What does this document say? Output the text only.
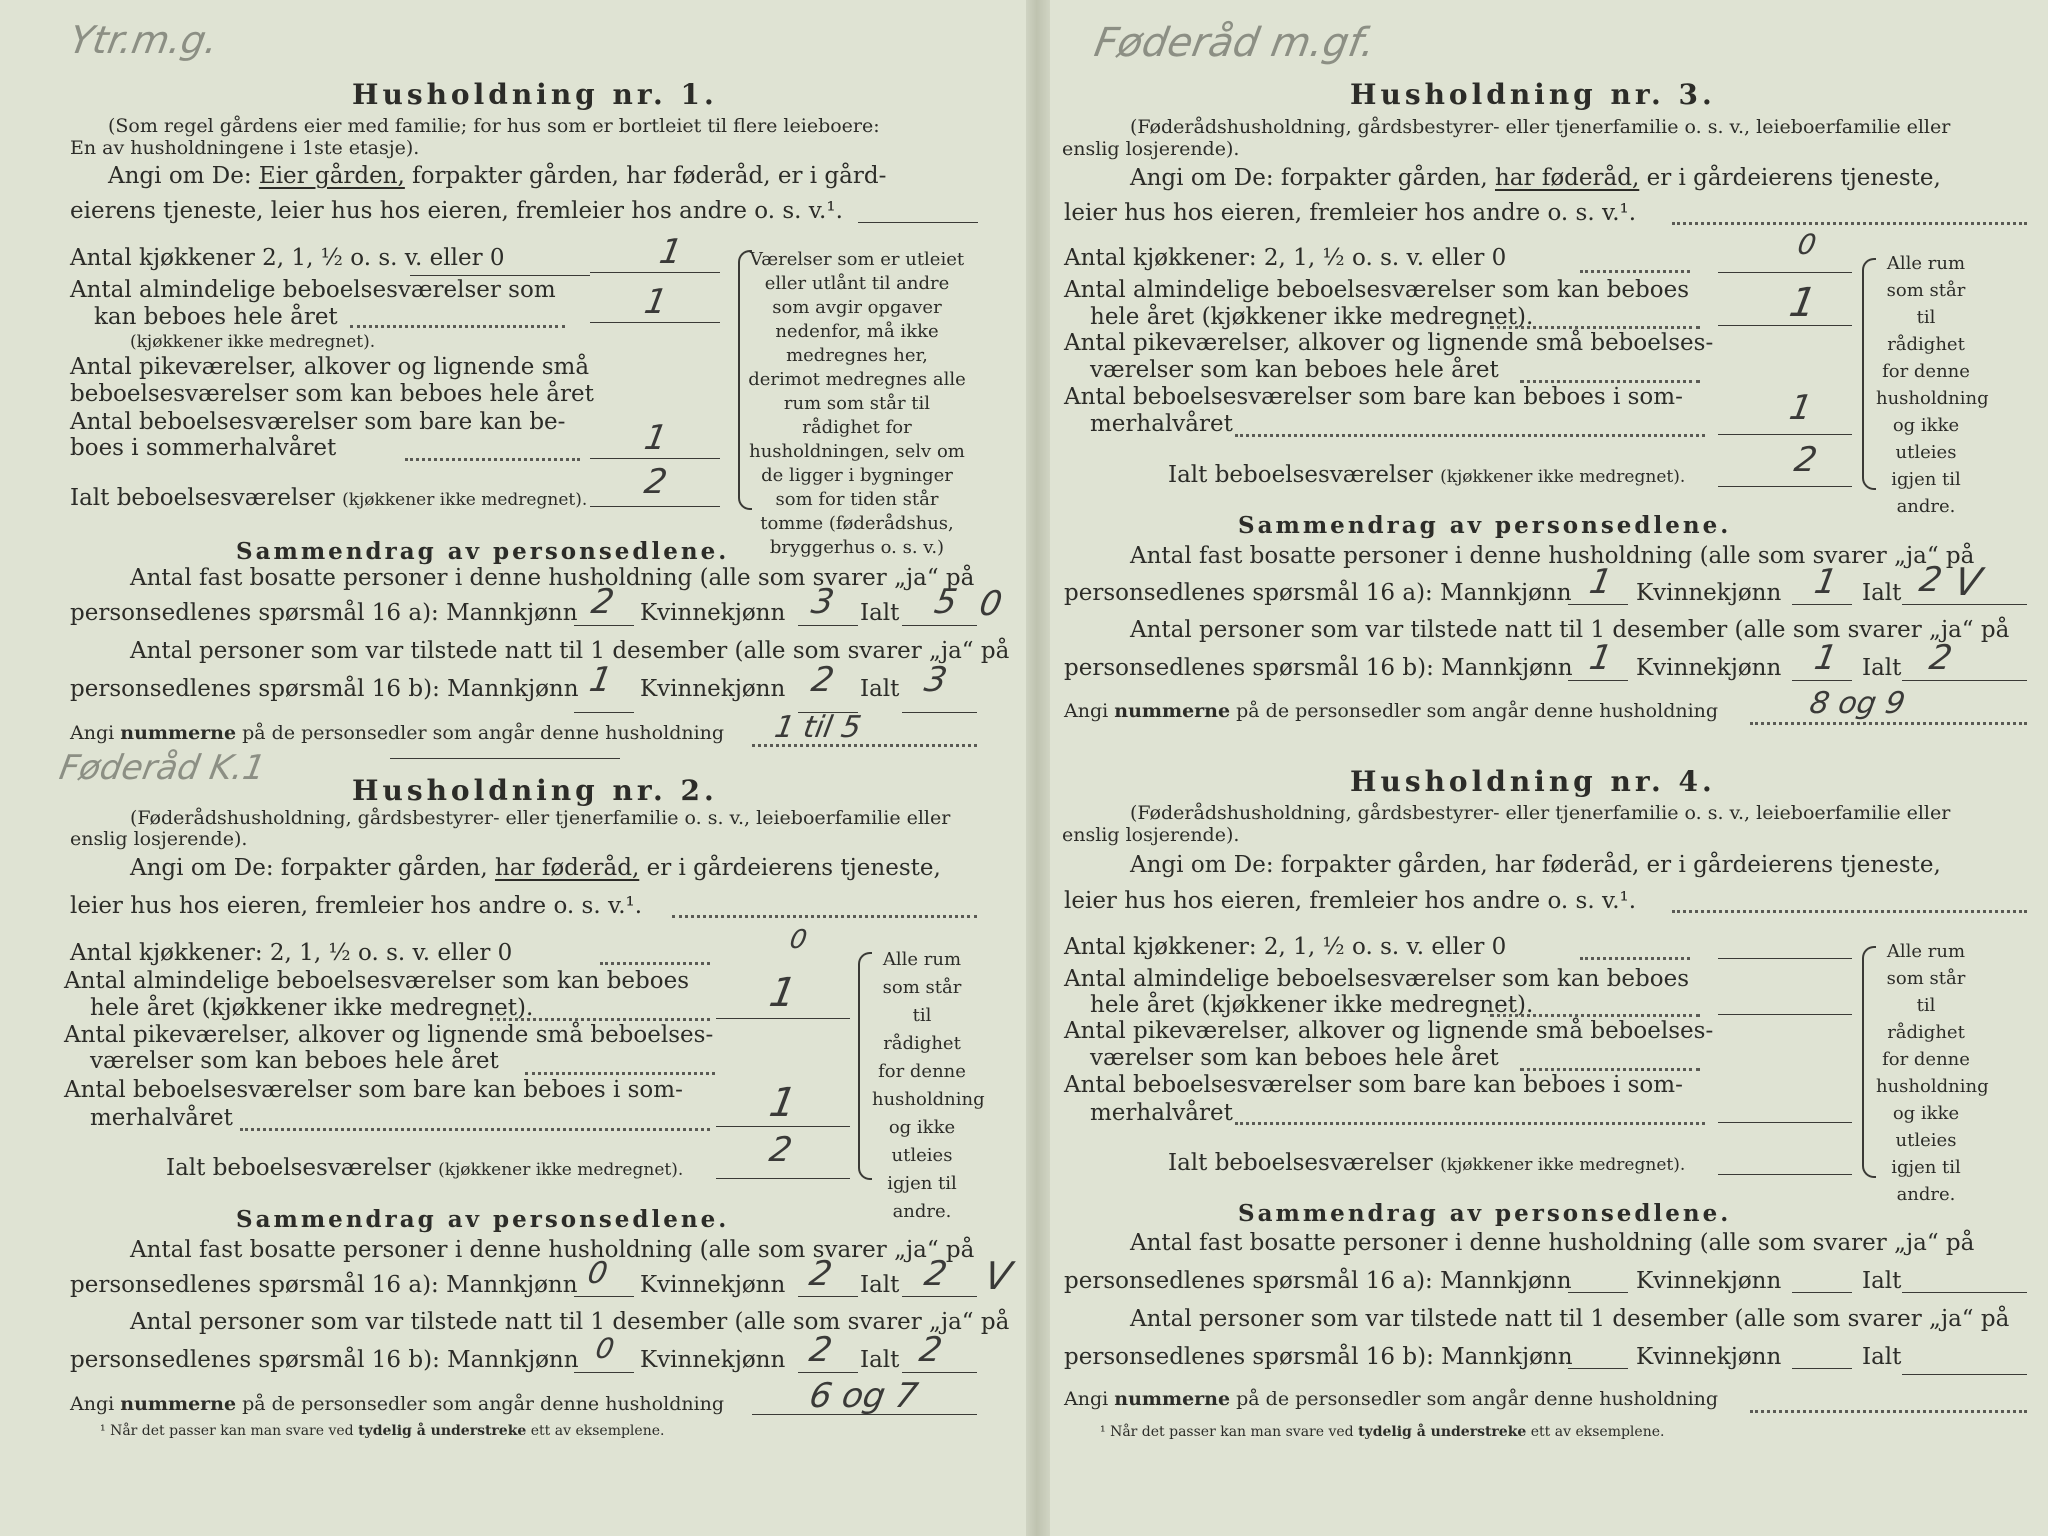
Ytr.m.g.
Husholdning nr. 1.
(Som regel gårdens eier med familie; for hus som er bortleiet til flere leieboere:
En av husholdningene i 1ste etasje).
Angi om De: Eier gården, forpakter gården, har føderåd, er i gård-
eierens tjeneste, leier hus hos eieren, fremleier hos andre o. s. v.¹.
Antal kjøkkener 2, 1, ½ o. s. v. eller 0	1
Antal almindelige beboelsesværelser som
kan beboes hele året
(kjøkkener ikke medregnet).
1
Antal pikeværelser, alkover og lignende små
beboelsesværelser som kan beboes hele året
Antal beboelsesværelser som bare kan be-
boes i sommerhalvåret	1
Ialt beboelsesværelser (kjøkkener ikke medregnet). 2
Værelser som er utleiet eller utlånt til andre som avgir opgaver nedenfor, må ikke medregnes her, derimot medregnes alle rum som står til rådighet for husholdningen, selv om de ligger i bygninger som for tiden står tomme (føderådshus, bryggerhus o. s. v.)
Sammendrag av personsedlene.
Antal fast bosatte personer i denne husholdning (alle som svarer „ja“ på
personsedlenes spørsmål 16 a): Mannkjønn 2 Kvinnekjønn 3 Ialt 5 0
Antal personer som var tilstede natt til 1 desember (alle som svarer „ja“ på
personsedlenes spørsmål 16 b): Mannkjønn 1 Kvinnekjønn 2 Ialt 3
Angi nummerne på de personsedler som angår denne husholdning 1 til 5
Føderåd K.1
Husholdning nr. 2.
(Føderådshusholdning, gårdsbestyrer- eller tjenerfamilie o. s. v., leieboerfamilie eller
enslig losjerende).
Angi om De: forpakter gården, har føderåd, er i gårdeierens tjeneste,
leier hus hos eieren, fremleier hos andre o. s. v.¹.
Antal kjøkkener: 2, 1, ½ o. s. v. eller 0	0
Antal almindelige beboelsesværelser som kan beboes
hele året (kjøkkener ikke medregnet).	1
Antal pikeværelser, alkover og lignende små beboelses-
værelser som kan beboes hele året
Antal beboelsesværelser som bare kan beboes i som-
merhalvåret	1
Ialt beboelsesværelser (kjøkkener ikke medregnet). 2
Alle rum som står til rådighet for denne husholdning og ikke utleies igjen til andre.
Sammendrag av personsedlene.
Antal fast bosatte personer i denne husholdning (alle som svarer „ja“ på
personsedlenes spørsmål 16 a): Mannkjønn 0 Kvinnekjønn 2 Ialt 2 V
Antal personer som var tilstede natt til 1 desember (alle som svarer „ja“ på
personsedlenes spørsmål 16 b): Mannkjønn 0 Kvinnekjønn 2 Ialt 2
Angi nummerne på de personsedler som angår denne husholdning 6 og 7
¹ Når det passer kan man svare ved tydelig å understreke ett av eksemplene.
Føderåd m.gf.
Husholdning nr. 3.
(Føderådshusholdning, gårdsbestyrer- eller tjenerfamilie o. s. v., leieboerfamilie eller
enslig losjerende).
Angi om De: forpakter gården, har føderåd, er i gårdeierens tjeneste,
leier hus hos eieren, fremleier hos andre o. s. v.¹.
Antal kjøkkener: 2, 1, ½ o. s. v. eller 0	0
Antal almindelige beboelsesværelser som kan beboes
hele året (kjøkkener ikke medregnet).	1
Antal pikeværelser, alkover og lignende små beboelses-
værelser som kan beboes hele året
Antal beboelsesværelser som bare kan beboes i som-
merhalvåret	1
Ialt beboelsesværelser (kjøkkener ikke medregnet).	2
Alle rum som står til rådighet for denne husholdning og ikke utleies igjen til andre.
Sammendrag av personsedlene.
Antal fast bosatte personer i denne husholdning (alle som svarer „ja“ på
personsedlenes spørsmål 16 a): Mannkjønn 1 Kvinnekjønn 1 Ialt 2 V
Antal personer som var tilstede natt til 1 desember (alle som svarer „ja“ på
personsedlenes spørsmål 16 b): Mannkjønn 1 Kvinnekjønn 1 Ialt 2
Angi nummerne på de personsedler som angår denne husholdning	8 og 9
Husholdning nr. 4.
(Føderådshusholdning, gårdsbestyrer- eller tjenerfamilie o. s. v., leieboerfamilie eller
enslig losjerende).
Angi om De: forpakter gården, har føderåd, er i gårdeierens tjeneste,
leier hus hos eieren, fremleier hos andre o. s. v.¹.
Antal kjøkkener: 2, 1, ½ o. s. v. eller 0
Antal almindelige beboelsesværelser som kan beboes
hele året (kjøkkener ikke medregnet).
Antal pikeværelser, alkover og lignende små beboelses-
værelser som kan beboes hele året
Antal beboelsesværelser som bare kan beboes i som-
merhalvåret
Ialt beboelsesværelser (kjøkkener ikke medregnet).
Alle rum som står til rådighet for denne husholdning og ikke utleies igjen til andre.
Sammendrag av personsedlene.
Antal fast bosatte personer i denne husholdning (alle som svarer „ja“ på
personsedlenes spørsmål 16 a): Mannkjønn	Kvinnekjønn	Ialt
Antal personer som var tilstede natt til 1 desember (alle som svarer „ja“ på
personsedlenes spørsmål 16 b): Mannkjønn	Kvinnekjønn	Ialt
Angi nummerne på de personsedler som angår denne husholdning
¹ Når det passer kan man svare ved tydelig å understreke ett av eksemplene.
